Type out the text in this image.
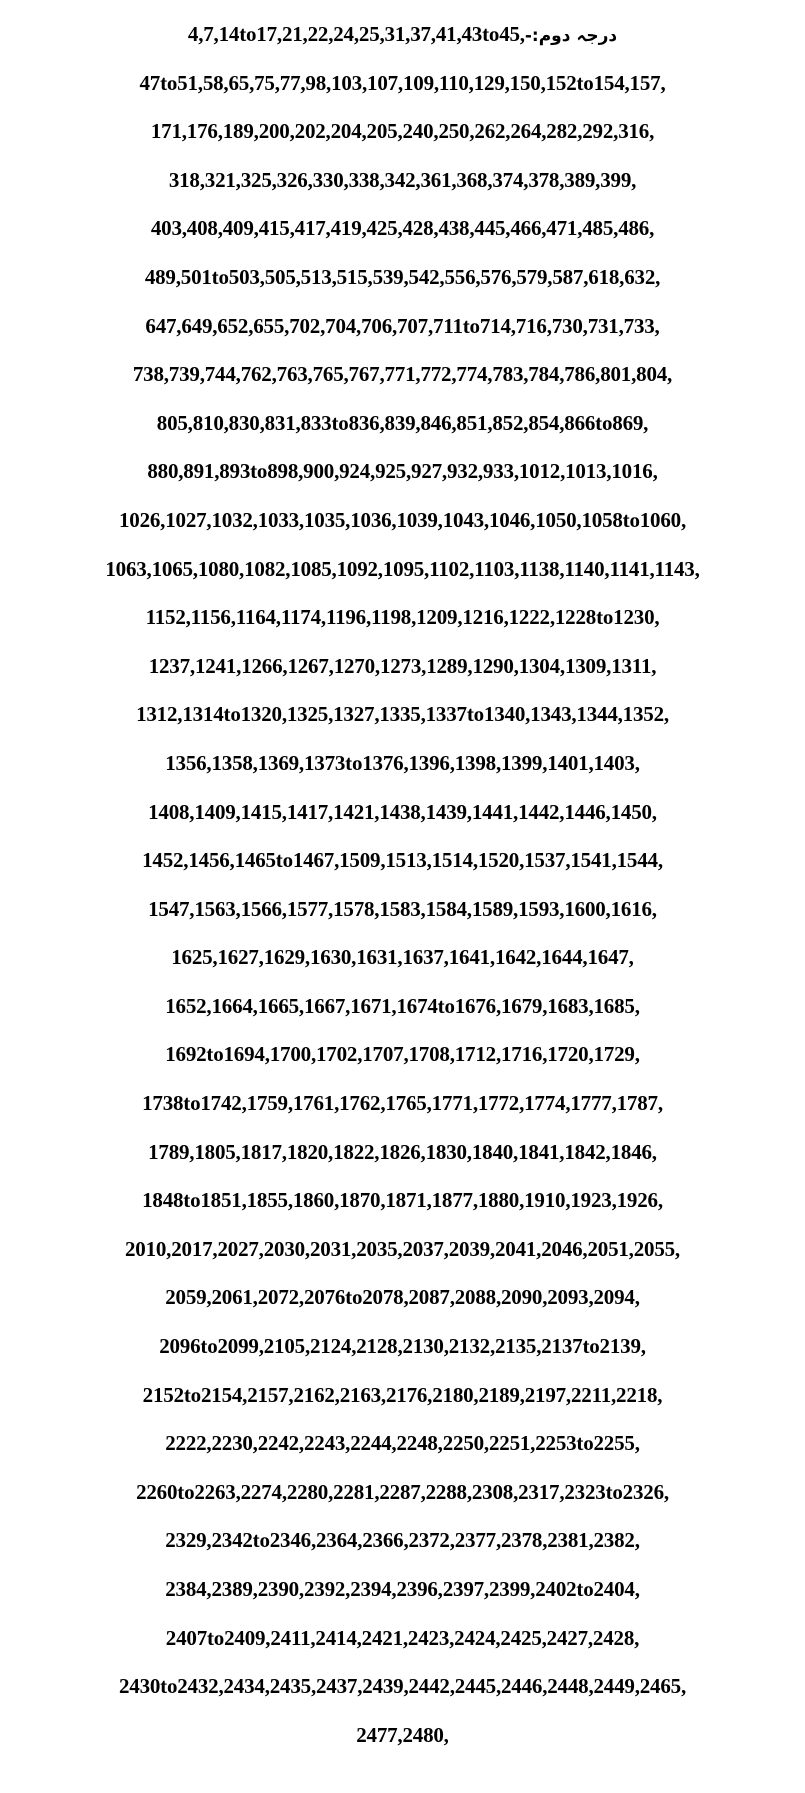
4,7,14to17,21,22,24,25,31,37,41,43to45,درجہ دوم:-
47to51,58,65,75,77,98,103,107,109,110,129,150,152to154,157,
171,176,189,200,202,204,205,240,250,262,264,282,292,316,
318,321,325,326,330,338,342,361,368,374,378,389,399,
403,408,409,415,417,419,425,428,438,445,466,471,485,486,
489,501to503,505,513,515,539,542,556,576,579,587,618,632,
647,649,652,655,702,704,706,707,711to714,716,730,731,733,
738,739,744,762,763,765,767,771,772,774,783,784,786,801,804,
805,810,830,831,833to836,839,846,851,852,854,866to869,
880,891,893to898,900,924,925,927,932,933,1012,1013,1016,
1026,1027,1032,1033,1035,1036,1039,1043,1046,1050,1058to1060,
1063,1065,1080,1082,1085,1092,1095,1102,1103,1138,1140,1141,1143,
1152,1156,1164,1174,1196,1198,1209,1216,1222,1228to1230,
1237,1241,1266,1267,1270,1273,1289,1290,1304,1309,1311,
1312,1314to1320,1325,1327,1335,1337to1340,1343,1344,1352,
1356,1358,1369,1373to1376,1396,1398,1399,1401,1403,
1408,1409,1415,1417,1421,1438,1439,1441,1442,1446,1450,
1452,1456,1465to1467,1509,1513,1514,1520,1537,1541,1544,
1547,1563,1566,1577,1578,1583,1584,1589,1593,1600,1616,
1625,1627,1629,1630,1631,1637,1641,1642,1644,1647,
1652,1664,1665,1667,1671,1674to1676,1679,1683,1685,
1692to1694,1700,1702,1707,1708,1712,1716,1720,1729,
1738to1742,1759,1761,1762,1765,1771,1772,1774,1777,1787,
1789,1805,1817,1820,1822,1826,1830,1840,1841,1842,1846,
1848to1851,1855,1860,1870,1871,1877,1880,1910,1923,1926,
2010,2017,2027,2030,2031,2035,2037,2039,2041,2046,2051,2055,
2059,2061,2072,2076to2078,2087,2088,2090,2093,2094,
2096to2099,2105,2124,2128,2130,2132,2135,2137to2139,
2152to2154,2157,2162,2163,2176,2180,2189,2197,2211,2218,
2222,2230,2242,2243,2244,2248,2250,2251,2253to2255,
2260to2263,2274,2280,2281,2287,2288,2308,2317,2323to2326,
2329,2342to2346,2364,2366,2372,2377,2378,2381,2382,
2384,2389,2390,2392,2394,2396,2397,2399,2402to2404,
2407to2409,2411,2414,2421,2423,2424,2425,2427,2428,
2430to2432,2434,2435,2437,2439,2442,2445,2446,2448,2449,2465,
2477,2480,
